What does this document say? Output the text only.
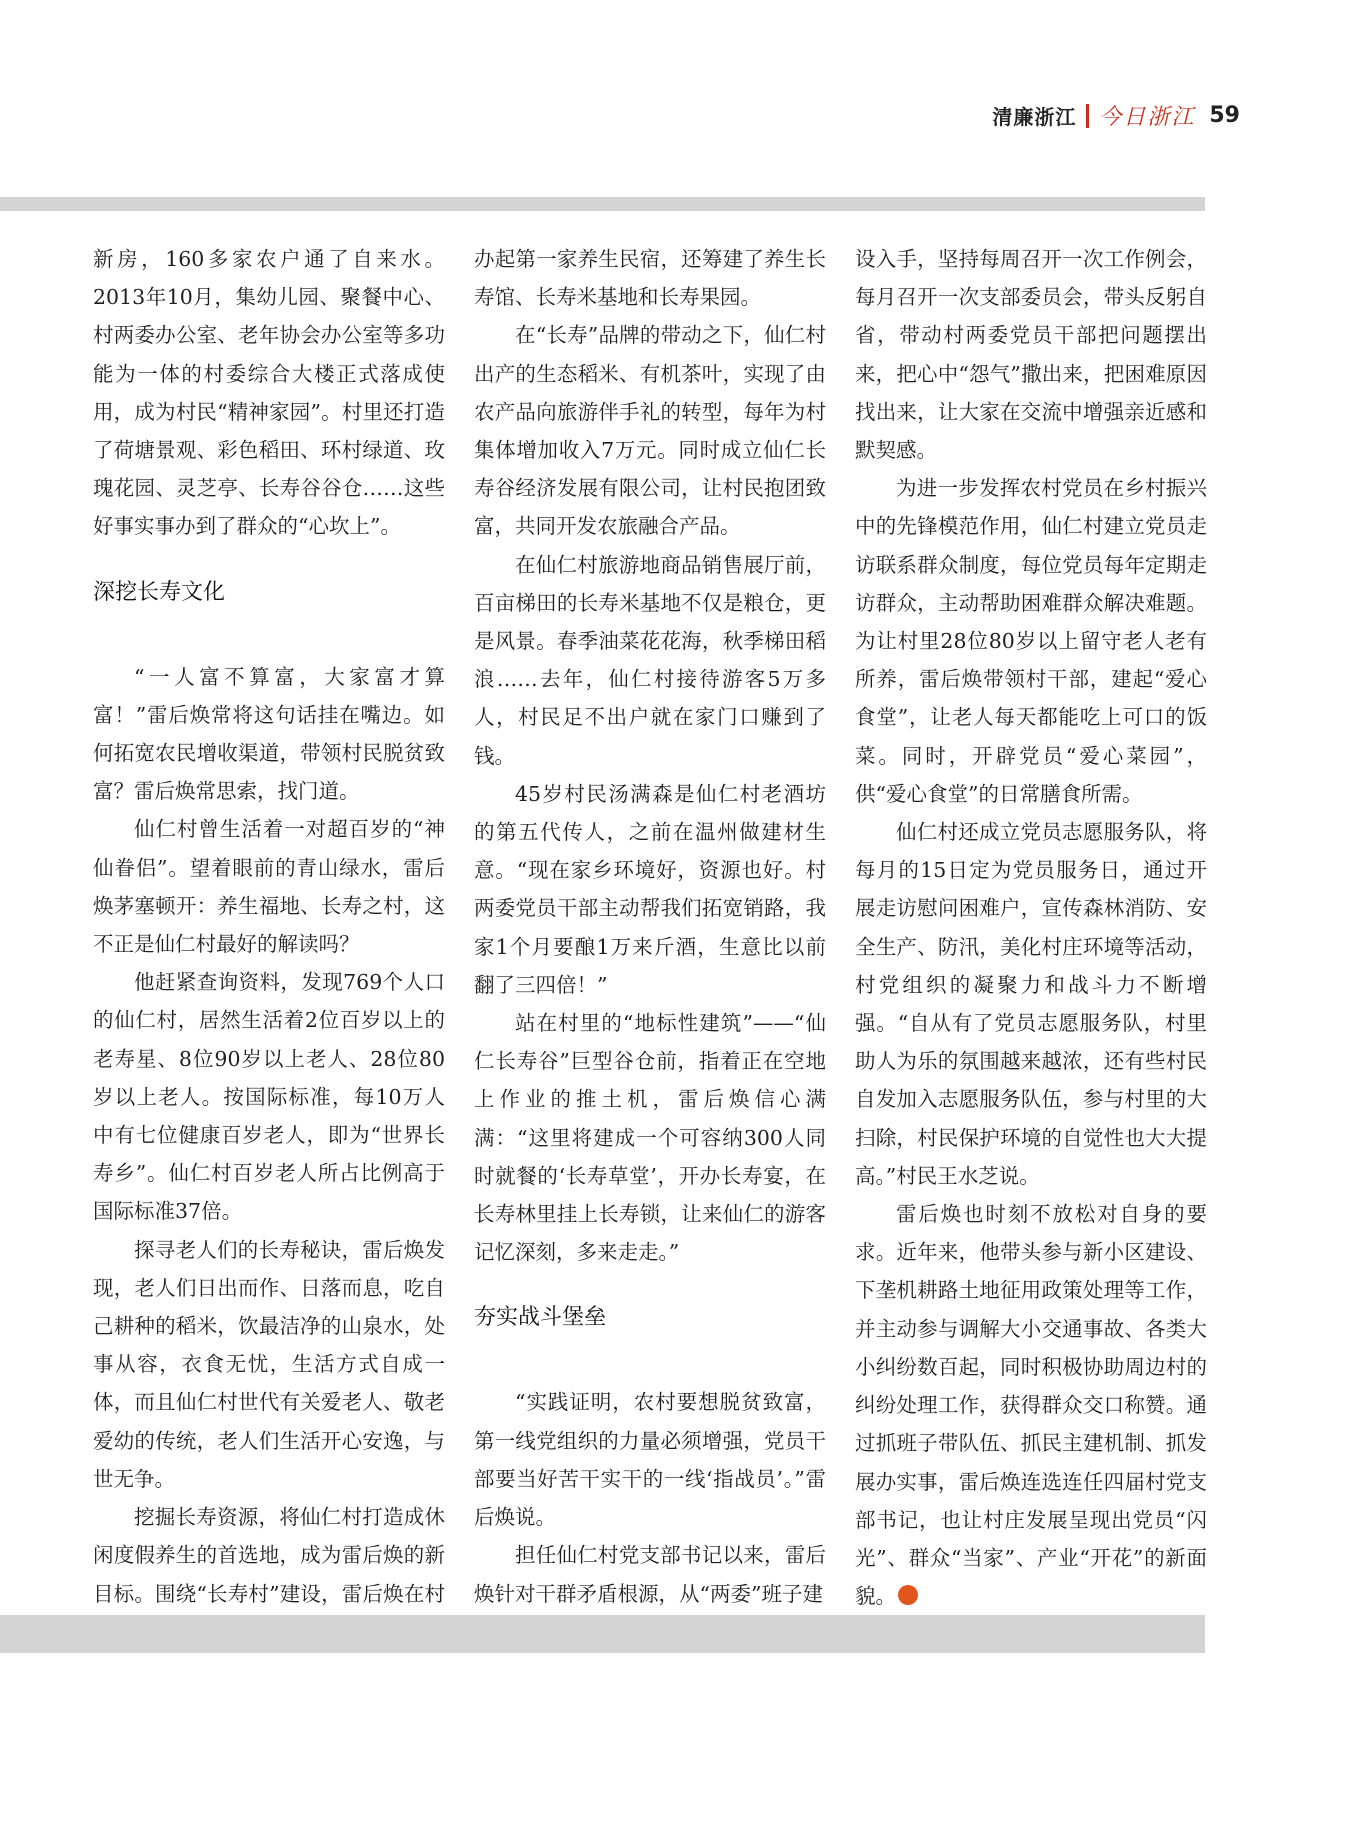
清廉浙江 今日浙江 59

新房，160多家农户通了自来水。2013年10月，集幼儿园、聚餐中心、村两委办公室、老年协会办公室等多功能为一体的村委综合大楼正式落成使用，成为村民“精神家园”。村里还打造了荷塘景观、彩色稻田、环村绿道、玫瑰花园、灵芝亭、长寿谷谷仓……这些好事实事办到了群众的“心坎上”。

深挖长寿文化

“一人富不算富，大家富才算富！”雷后焕常将这句话挂在嘴边。如何拓宽农民增收渠道，带领村民脱贫致富？雷后焕常思索，找门道。

仙仁村曾生活着一对超百岁的“神仙眷侣”。望着眼前的青山绿水，雷后焕茅塞顿开：养生福地、长寿之村，这不正是仙仁村最好的解读吗？

他赶紧查询资料，发现769个人口的仙仁村，居然生活着2位百岁以上的老寿星、8位90岁以上老人、28位80岁以上老人。按国际标准，每10万人中有七位健康百岁老人，即为“世界长寿乡”。仙仁村百岁老人所占比例高于国际标准37倍。

探寻老人们的长寿秘诀，雷后焕发现，老人们日出而作、日落而息，吃自己耕种的稻米，饮最洁净的山泉水，处事从容，衣食无忧，生活方式自成一体，而且仙仁村世代有关爱老人、敬老爱幼的传统，老人们生活开心安逸，与世无争。

挖掘长寿资源，将仙仁村打造成休闲度假养生的首选地，成为雷后焕的新目标。围绕“长寿村”建设，雷后焕在村

办起第一家养生民宿，还筹建了养生长寿馆、长寿米基地和长寿果园。

在“长寿”品牌的带动之下，仙仁村出产的生态稻米、有机茶叶，实现了由农产品向旅游伴手礼的转型，每年为村集体增加收入7万元。同时成立仙仁长寿谷经济发展有限公司，让村民抱团致富，共同开发农旅融合产品。

在仙仁村旅游地商品销售展厅前，百亩梯田的长寿米基地不仅是粮仓，更是风景。春季油菜花花海，秋季梯田稻浪……去年，仙仁村接待游客5万多人，村民足不出户就在家门口赚到了钱。

45岁村民汤满森是仙仁村老酒坊的第五代传人，之前在温州做建材生意。“现在家乡环境好，资源也好。村两委党员干部主动帮我们拓宽销路，我家1个月要酿1万来斤酒，生意比以前翻了三四倍！”

站在村里的“地标性建筑”——“仙仁长寿谷”巨型谷仓前，指着正在空地上作业的推土机，雷后焕信心满满：“这里将建成一个可容纳300人同时就餐的‘长寿草堂’，开办长寿宴，在长寿林里挂上长寿锁，让来仙仁的游客记忆深刻，多来走走。”

夯实战斗堡垒

“实践证明，农村要想脱贫致富，第一线党组织的力量必须增强，党员干部要当好苦干实干的一线‘指战员’。”雷后焕说。

担任仙仁村党支部书记以来，雷后焕针对干群矛盾根源，从“两委”班子建

设入手，坚持每周召开一次工作例会，每月召开一次支部委员会，带头反躬自省，带动村两委党员干部把问题摆出来，把心中“怨气”撒出来，把困难原因找出来，让大家在交流中增强亲近感和默契感。

为进一步发挥农村党员在乡村振兴中的先锋模范作用，仙仁村建立党员走访联系群众制度，每位党员每年定期走访群众，主动帮助困难群众解决难题。为让村里28位80岁以上留守老人老有所养，雷后焕带领村干部，建起“爱心食堂”，让老人每天都能吃上可口的饭菜。同时，开辟党员“爱心菜园”，供“爱心食堂”的日常膳食所需。

仙仁村还成立党员志愿服务队，将每月的15日定为党员服务日，通过开展走访慰问困难户，宣传森林消防、安全生产、防汛，美化村庄环境等活动，村党组织的凝聚力和战斗力不断增强。“自从有了党员志愿服务队，村里助人为乐的氛围越来越浓，还有些村民自发加入志愿服务队伍，参与村里的大扫除，村民保护环境的自觉性也大大提高。”村民王水芝说。

雷后焕也时刻不放松对自身的要求。近年来，他带头参与新小区建设、下垄机耕路土地征用政策处理等工作，并主动参与调解大小交通事故、各类大小纠纷数百起，同时积极协助周边村的纠纷处理工作，获得群众交口称赞。通过抓班子带队伍、抓民主建机制、抓发展办实事，雷后焕连选连任四届村党支部书记，也让村庄发展呈现出党员“闪光”、群众“当家”、产业“开花”的新面貌。
